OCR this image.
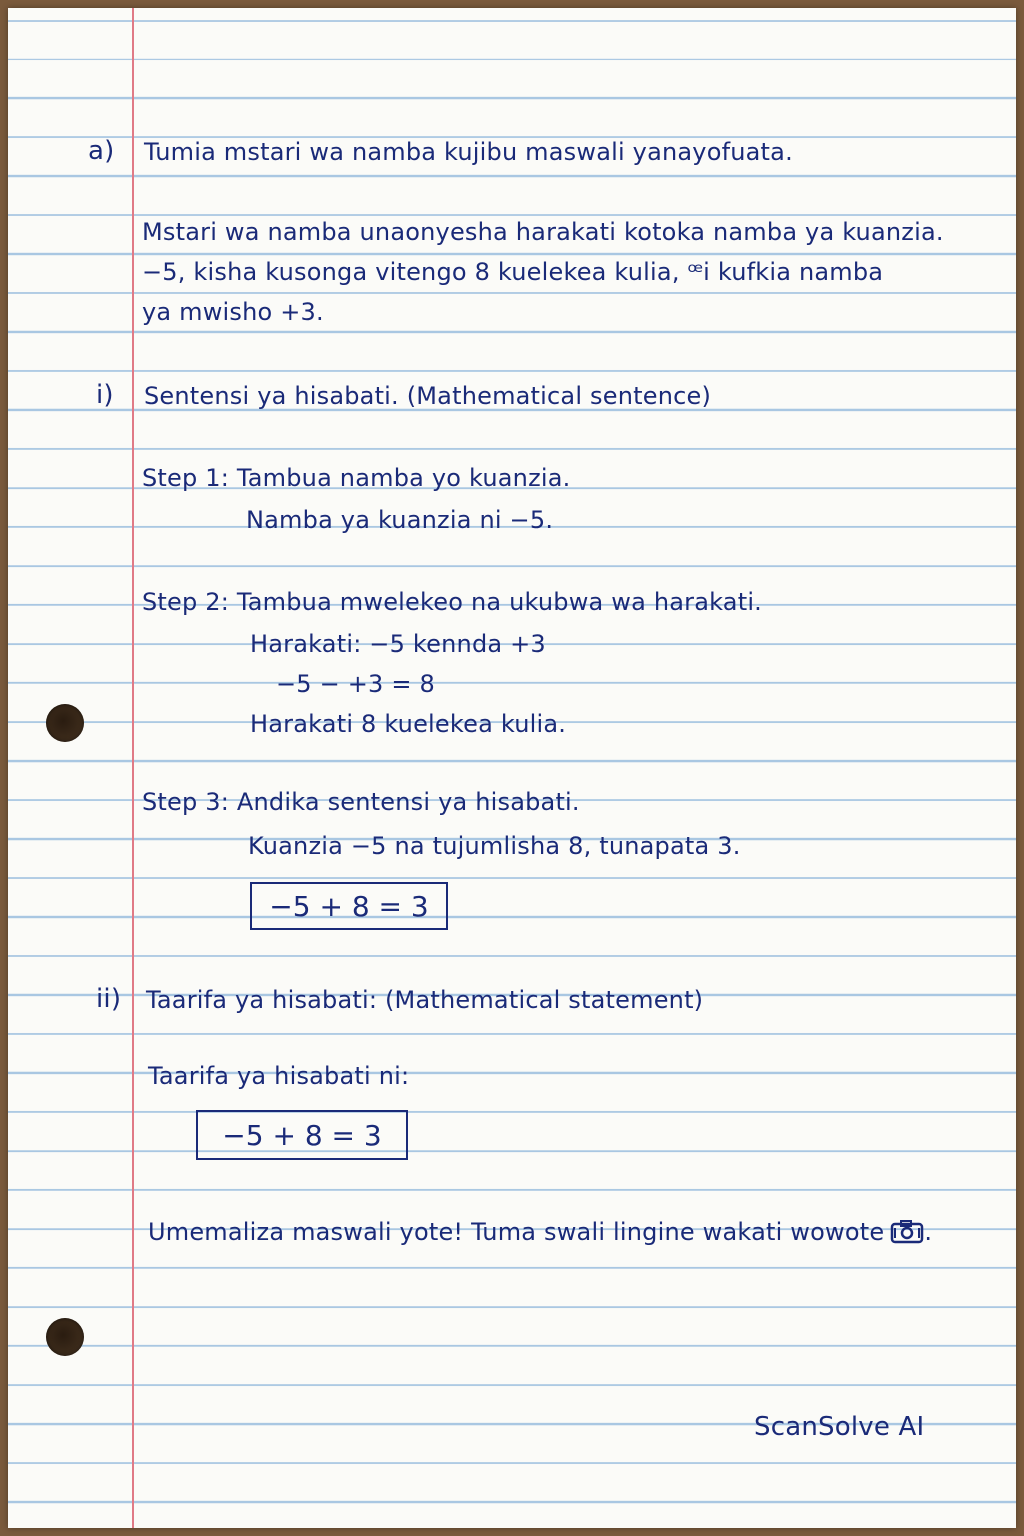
a) Tumia mstari wa namba kujibu maswali yanayofuata.
Mstari wa namba unaonyesha harakati kotoka namba ya kuanzia.
−5, kisha kusonga vitengo 8 kuelekea kulia, ꟹi kufkia namba
ya mwisho +3.
i) Sentensi ya hisabati. (Mathematical sentence)
Step 1: Tambua namba yo kuanzia.
Namba ya kuanzia ni −5.
Step 2: Tambua mwelekeo na ukubwa wa harakati.
Harakati: −5 kennda +3
−5 − +3 = 8
Harakati 8 kuelekea kulia.
Step 3: Andika sentensi ya hisabati.
Kuanzia −5 na tujumlisha 8, tunapata 3.
−5 + 8 = 3
ii) Taarifa ya hisabati: (Mathematical statement)
Taarifa ya hisabati ni:
−5 + 8 = 3
Umemaliza maswali yote! Tuma swali lingine wakati wowote .
ScanSolve AI
